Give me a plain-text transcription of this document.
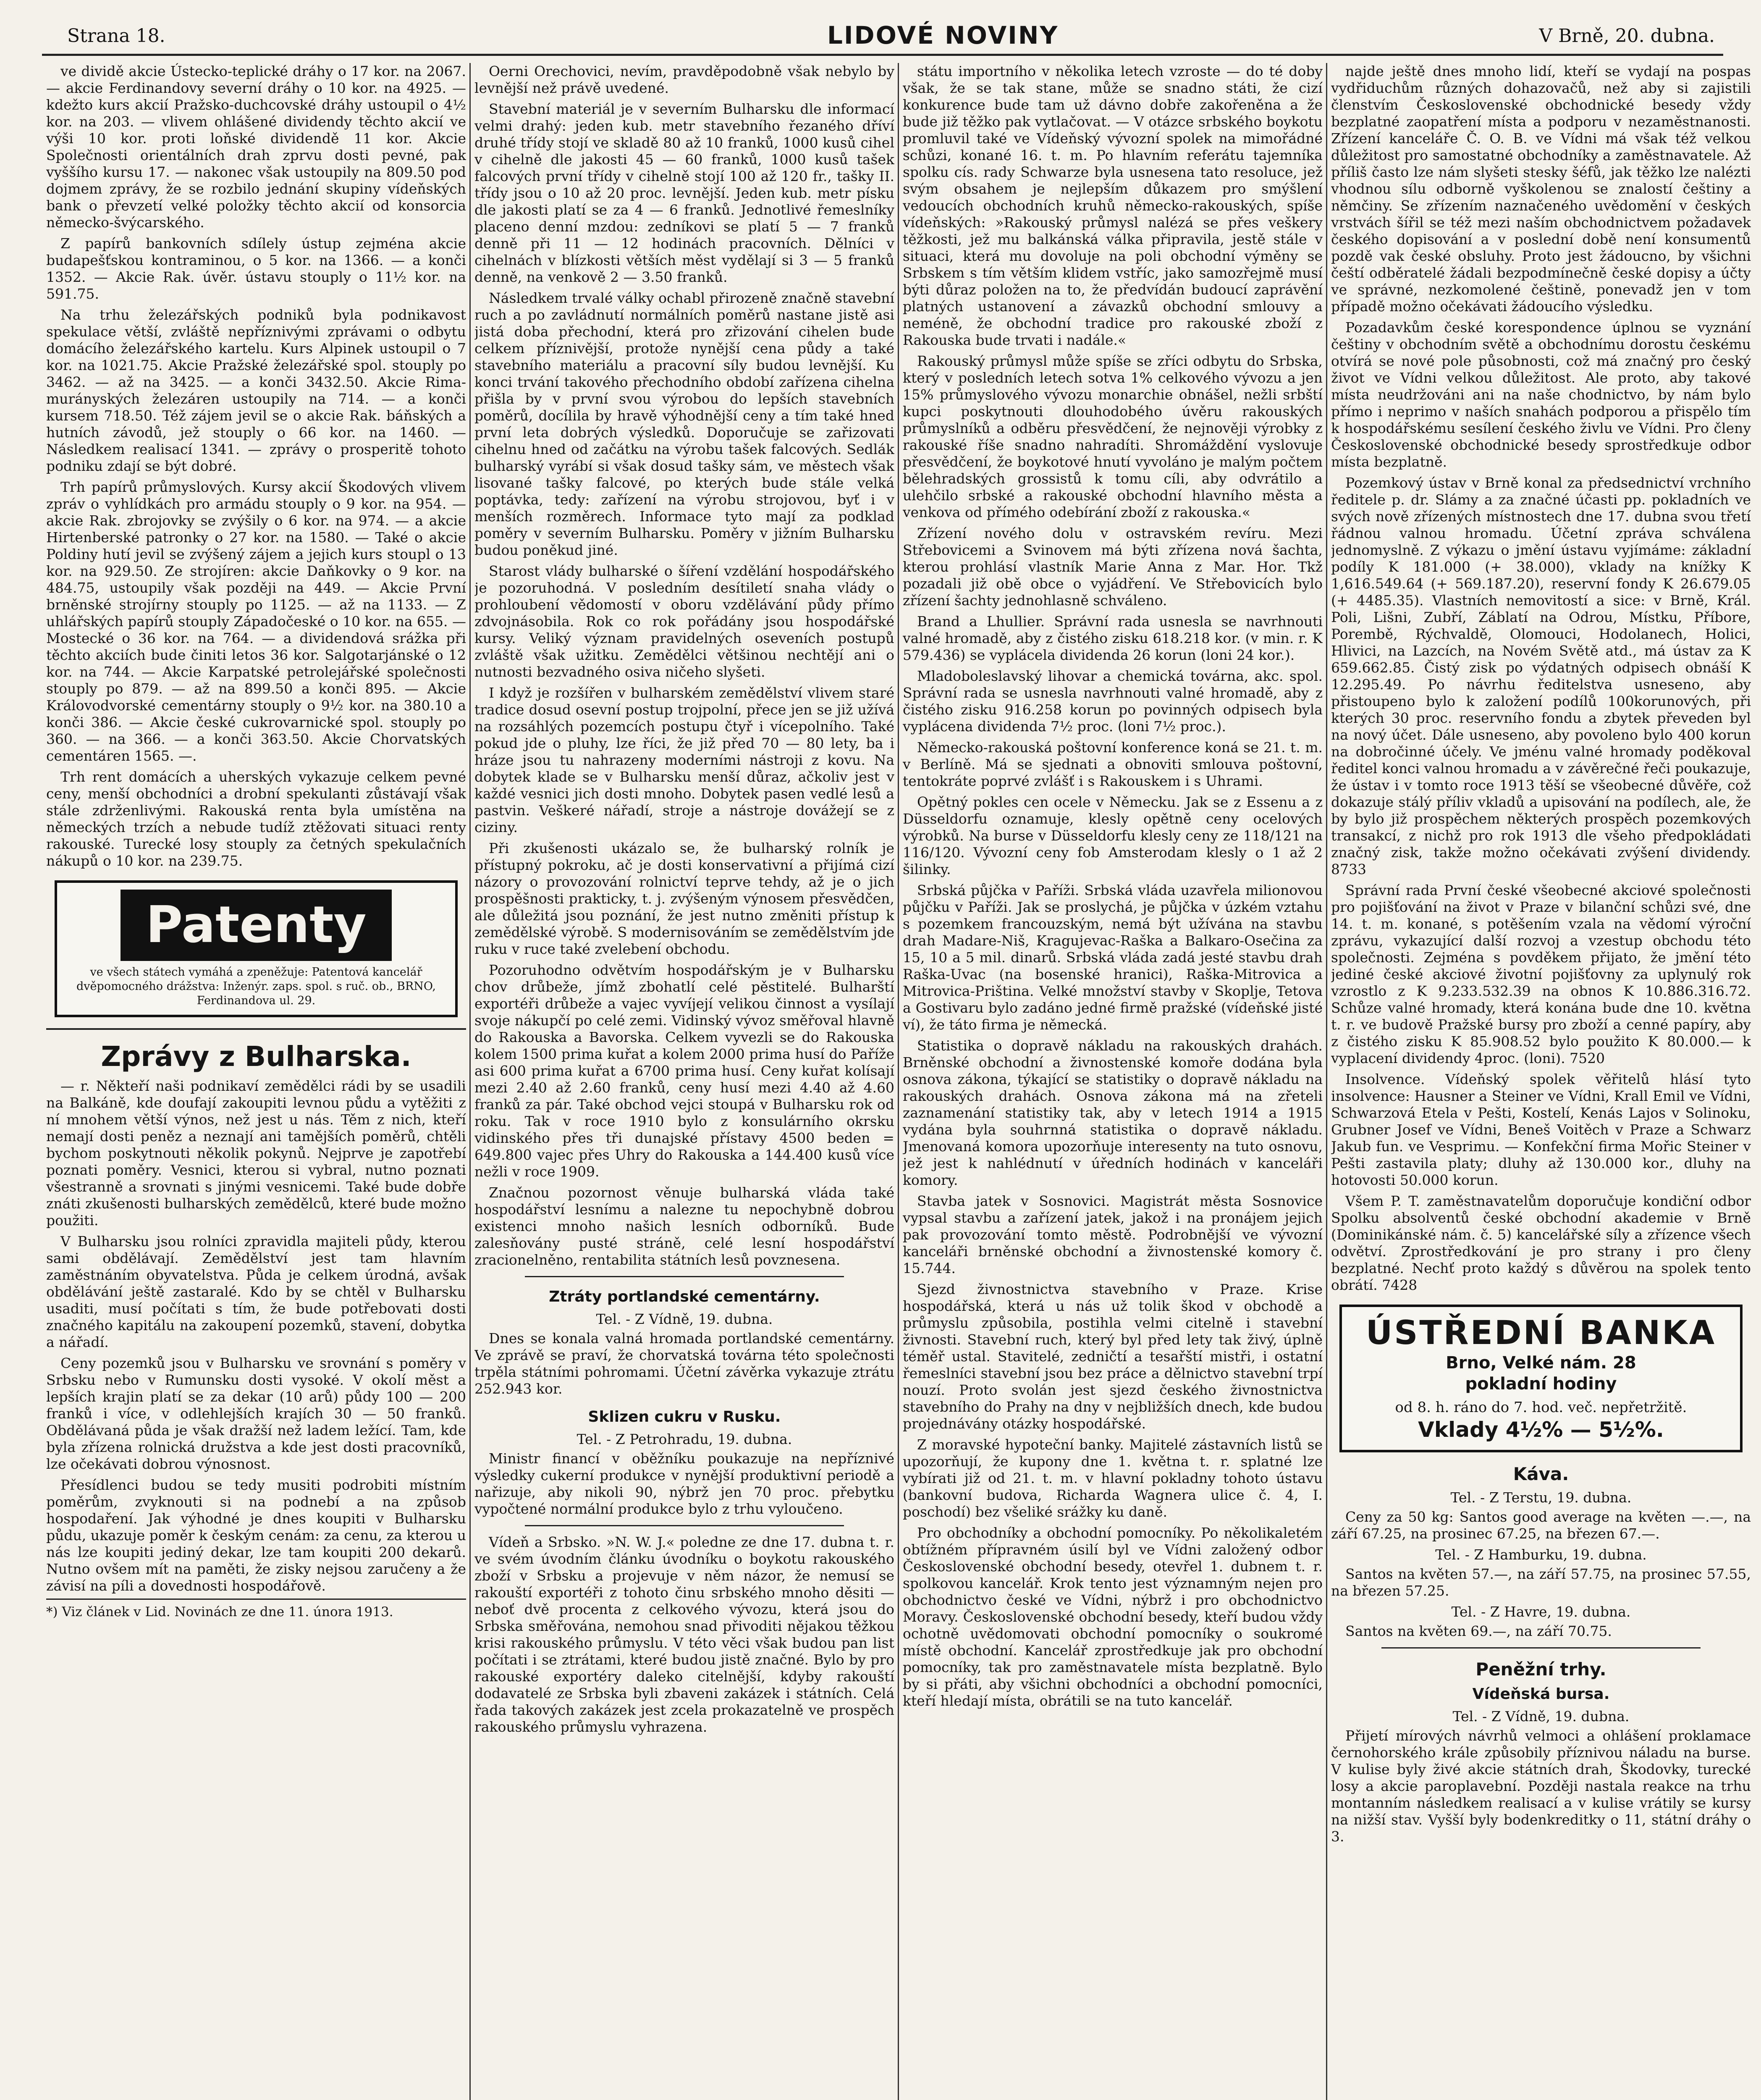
Strana 18.	LIDOVÉ NOVINY	V Brně, 20. dubna.

ve dividě akcie Ústecko-teplické dráhy o 17 kor. na 2067. — akcie Ferdinandovy severní dráhy o 10 kor. na 4925. — kdežto kurs akcií Pražsko-duchcovské dráhy ustoupil o 4½ kor. na 203. — vlivem ohlášené dividendy těchto akcií ve výši 10 kor. proti loňské dividendě 11 kor. Akcie Společnosti orientálních drah zprvu dosti pevné, pak vyššího kursu 17. — nakonec však ustoupily na 809.50 pod dojmem zprávy, že se rozbilo jednání skupiny vídeňských bank o převzetí velké položky těchto akcií od konsorcia německo-švýcarského.

Z papírů bankovních sdílely ústup zejména akcie budapešťskou kontraminou, o 5 kor. na 1366. — a konči 1352. — Akcie Rak. úvěr. ústavu stouply o 11½ kor. na 591.75.

Na trhu železářských podniků byla podnikavost spekulace větší, zvláště nepříznivými zprávami o odbytu domácího železářského kartelu. Kurs Alpinek ustoupil o 7 kor. na 1021.75. Akcie Pražské železářské spol. stouply po 3462. — až na 3425. — a konči 3432.50. Akcie Rima-murányských železáren ustoupily na 714. — a konči kursem 718.50. Též zájem jevil se o akcie Rak. báňských a hutních závodů, jež stouply o 66 kor. na 1460. — Následkem realisací 1341. — zprávy o prosperitě tohoto podniku zdají se být dobré.

Trh papírů průmyslových. Kursy akcií Škodových vlivem zpráv o vyhlídkách pro armádu stouply o 9 kor. na 954. — akcie Rak. zbrojovky se zvýšily o 6 kor. na 974. — a akcie Hirtenberské patronky o 27 kor. na 1580. — Také o akcie Poldiny hutí jevil se zvýšený zájem a jejich kurs stoupl o 13 kor. na 929.50. Ze strojíren: akcie Daňkovky o 9 kor. na 484.75, ustoupily však později na 449. — Akcie První brněnské strojírny stouply po 1125. — až na 1133. — Z uhlářských papírů stouply Západočeské o 10 kor. na 655. — Mostecké o 36 kor. na 764. — a dividendová srážka při těchto akciích bude činiti letos 36 kor. Salgotarjánské o 12 kor. na 744. — Akcie Karpatské petrolejářské společnosti stouply po 879. — až na 899.50 a konči 895. — Akcie Královodvorské cementárny stouply o 9½ kor. na 380.10 a konči 386. — Akcie české cukrovarnické spol. stouply po 360. — na 366. — a konči 363.50. Akcie Chorvatských cementáren 1565. —.

Trh rent domácích a uherských vykazuje celkem pevné ceny, menší obchodníci a drobní spekulanti zůstávají však stále zdrženlivými. Rakouská renta byla umístěna na německých trzích a nebude tudíž ztěžovati situaci renty rakouské. Turecké losy stouply za četných spekulačních nákupů o 10 kor. na 239.75.

Patenty
ve všech státech vymáhá a zpeněžuje: Patentová kancelář dvěpomocného drážstva: Inženýr. zaps. spol. s ruč. ob., BRNO, Ferdinandova ul. 29.
Zprávy z Bulharska.

— r. Někteří naši podnikaví zemědělci rádi by se usadili na Balkáně, kde doufají zakoupiti levnou půdu a vytěžiti z ní mnohem větší výnos, než jest u nás. Těm z nich, kteří nemají dosti peněz a neznají ani tamějších poměrů, chtěli bychom poskytnouti několik pokynů. Nejprve je zapotřebí poznati poměry. Vesnici, kterou si vybral, nutno poznati všestranně a srovnati s jinými vesnicemi. Také bude dobře znáti zkušenosti bulharských zemědělců, které bude možno použiti.

V Bulharsku jsou rolníci zpravidla majiteli půdy, kterou sami obdělávají. Zemědělství jest tam hlavním zaměstnáním obyvatelstva. Půda je celkem úrodná, avšak obdělávání ještě zastaralé. Kdo by se chtěl v Bulharsku usaditi, musí počítati s tím, že bude potřebovati dosti značného kapitálu na zakoupení pozemků, stavení, dobytka a nářadí.

Ceny pozemků jsou v Bulharsku ve srovnání s poměry v Srbsku nebo v Rumunsku dosti vysoké. V okolí měst a lepších krajin platí se za dekar (10 arů) půdy 100 — 200 franků i více, v odlehlejších krajích 30 — 50 franků. Obdělávaná půda je však dražší než ladem ležící. Tam, kde byla zřízena rolnická družstva a kde jest dosti pracovníků, lze očekávati dobrou výnosnost.

Přesídlenci budou se tedy musiti podrobiti místním poměrům, zvyknouti si na podnebí a na způsob hospodaření. Jak výhodné je dnes koupiti v Bulharsku půdu, ukazuje poměr k českým cenám: za cenu, za kterou u nás lze koupiti jediný dekar, lze tam koupiti 200 dekarů. Nutno ovšem mít na paměti, že zisky nejsou zaručeny a že závisí na píli a dovednosti hospodářově.

*) Viz článek v Lid. Novinách ze dne 11. února 1913.

Oerni Orechovici, nevím, pravděpodobně však nebylo by levnější než právě uvedené.

Stavební materiál je v severním Bulharsku dle informací velmi drahý: jeden kub. metr stavebního řezaného dříví druhé třídy stojí ve skladě 80 až 10 franků, 1000 kusů cihel v cihelně dle jakosti 45 — 60 franků, 1000 kusů tašek falcových první třídy v cihelně stojí 100 až 120 fr., tašky II. třídy jsou o 10 až 20 proc. levnější. Jeden kub. metr písku dle jakosti platí se za 4 — 6 franků. Jednotlivé řemeslníky placeno denní mzdou: zedníkovi se platí 5 — 7 franků denně při 11 — 12 hodinách pracovních. Dělníci v cihelnách v blízkosti větších měst vydělají si 3 — 5 franků denně, na venkově 2 — 3.50 franků.

Následkem trvalé války ochabl přirozeně značně stavební ruch a po zavládnutí normálních poměrů nastane jistě asi jistá doba přechodní, která pro zřizování cihelen bude celkem příznivější, protože nynější cena půdy a také stavebního materiálu a pracovní síly budou levnější. Ku konci trvání takového přechodního období zařízena cihelna přišla by v první svou výrobou do lepších stavebních poměrů, docílila by hravě výhodnější ceny a tím také hned první leta dobrých výsledků. Doporučuje se zařizovati cihelnu hned od začátku na výrobu tašek falcových. Sedlák bulharský vyrábí si však dosud tašky sám, ve městech však lisované tašky falcové, po kterých bude stále velká poptávka, tedy: zařízení na výrobu strojovou, byť i v menších rozměrech. Informace tyto mají za podklad poměry v severním Bulharsku. Poměry v jižním Bulharsku budou poněkud jiné.

Starost vlády bulharské o šíření vzdělání hospodářského je pozoruhodná. V posledním desítiletí snaha vlády o prohloubení vědomostí v oboru vzdělávání půdy přímo zdvojnásobila. Rok co rok pořádány jsou hospodářské kursy. Veliký význam pravidelných oseveních postupů zvláště však užitku. Zemědělci většinou nechtějí ani o nutnosti bezvadného osiva ničeho slyšeti.

I když je rozšířen v bulharském zemědělství vlivem staré tradice dosud osevní postup trojpolní, přece jen se již užívá na rozsáhlých pozemcích postupu čtyř i vícepolního. Také pokud jde o pluhy, lze říci, že již před 70 — 80 lety, ba i hráze jsou tu nahrazeny moderními nástroji z kovu. Na dobytek klade se v Bulharsku menší důraz, ačkoliv jest v každé vesnici jich dosti mnoho. Dobytek pasen vedlé lesů a pastvin. Veškeré nářadí, stroje a nástroje dovážejí se z ciziny.

Při zkušenosti ukázalo se, že bulharský rolník je přístupný pokroku, ač je dosti konservativní a přijímá cizí názory o provozování rolnictví teprve tehdy, až je o jich prospěšnosti prakticky, t. j. zvýšeným výnosem přesvědčen, ale důležitá jsou poznání, že jest nutno změniti přístup k zemědělské výrobě. S modernisováním se zemědělstvím jde ruku v ruce také zvelebení obchodu.

Pozoruhodno odvětvím hospodářským je v Bulharsku chov drůbeže, jímž zbohatlí celé pěstitelé. Bulharští exportéři drůbeže a vajec vyvíjejí velikou činnost a vysílají svoje nákupčí po celé zemi. Vidinský vývoz směřoval hlavně do Rakouska a Bavorska. Celkem vyvezli se do Rakouska kolem 1500 prima kuřat a kolem 2000 prima husí do Paříže asi 600 prima kuřat a 6700 prima husí. Ceny kuřat kolísají mezi 2.40 až 2.60 franků, ceny husí mezi 4.40 až 4.60 franků za pár. Také obchod vejci stoupá v Bulharsku rok od roku. Tak v roce 1910 bylo z konsulárního okrsku vidinského přes tři dunajské přístavy 4500 beden = 649.800 vajec přes Uhry do Rakouska a 144.400 kusů více nežli v roce 1909.

Značnou pozornost věnuje bulharská vláda také hospodářství lesnímu a nalezne tu nepochybně dobrou existenci mnoho našich lesních odborníků. Bude zalesňovány pusté stráně, celé lesní hospodářství zracionelněno, rentabilita státních lesů povznesena.

Ztráty portlandské cementárny.
Tel. - Z Vídně, 19. dubna.

Dnes se konala valná hromada portlandské cementárny. Ve zprávě se praví, že chorvatská továrna této společnosti trpěla státními pohromami. Účetní závěrka vykazuje ztrátu 252.943 kor.

Sklizen cukru v Rusku.
Tel. - Z Petrohradu, 19. dubna.

Ministr financí v oběžníku poukazuje na nepříznivé výsledky cukerní produkce v nynější produktivní periodě a nařizuje, aby nikoli 90, nýbrž jen 70 proc. přebytku vypočtené normální produkce bylo z trhu vyloučeno.

Vídeň a Srbsko. »N. W. J.« poledne ze dne 17. dubna t. r. ve svém úvodním článku úvodníku o boykotu rakouského zboží v Srbsku a projevuje v něm názor, že nemusí se rakouští exportéři z tohoto činu srbského mnoho děsiti — neboť dvě procenta z celkového vývozu, která jsou do Srbska směřována, nemohou snad přivoditi nějakou těžkou krisi rakouského průmyslu. V této věci však budou pan list počítati i se ztrátami, které budou jistě značné. Bylo by pro rakouské exportéry daleko citelnější, kdyby rakouští dodavatelé ze Srbska byli zbaveni zakázek i státních. Celá řada takových zakázek jest zcela prokazatelně ve prospěch rakouského průmyslu vyhrazena.

státu importního v několika letech vzroste — do té doby však, že se tak stane, může se snadno státi, že cizí konkurence bude tam už dávno dobře zakořeněna a že bude již těžko pak vytlačovat. — V otázce srbského boykotu promluvil také ve Vídeňský vývozní spolek na mimořádné schůzi, konané 16. t. m. Po hlavním referátu tajemníka spolku cís. rady Schwarze byla usnesena tato resoluce, jež svým obsahem je nejlepším důkazem pro smýšlení vedoucích obchodních kruhů německo-rakouských, spíše vídeňských: »Rakouský průmysl nalézá se přes veškery těžkosti, jež mu balkánská válka připravila, jestě stále v situaci, která mu dovoluje na poli obchodní výměny se Srbskem s tím větším klidem vstříc, jako samozřejmě musí býti důraz položen na to, že předvídán budoucí zaprávění platných ustanovení a závazků obchodní smlouvy a neméně, že obchodní tradice pro rakouské zboží z Rakouska bude trvati i nadále.«

Rakouský průmysl může spíše se zříci odbytu do Srbska, který v posledních letech sotva 1% celkového vývozu a jen 15% průmyslového vývozu monarchie obnášel, nežli srbští kupci poskytnouti dlouhodobého úvěru rakouských průmyslníků a odběru přesvědčení, že nejnověji výrobky z rakouské říše snadno nahradíti. Shromáždění vyslovuje přesvědčení, že boykotové hnutí vyvoláno je malým počtem bělehradských grossistů k tomu cíli, aby odvrátilo a ulehčilo srbské a rakouské obchodní hlavního města a venkova od přímého odebírání zboží z rakouska.«

Zřízení nového dolu v ostravském revíru. Mezi Střebovicemi a Svinovem má býti zřízena nová šachta, kterou prohlásí vlastník Marie Anna z Mar. Hor. Tkž pozadali již obě obce o vyjádření. Ve Střebovicích bylo zřízení šachty jednohlasně schváleno.

Brand a Lhullier. Správní rada usnesla se navrhnouti valné hromadě, aby z čistého zisku 618.218 kor. (v min. r. K 579.436) se vyplácela dividenda 26 korun (loni 24 kor.).

Mladoboleslavský lihovar a chemická továrna, akc. spol. Správní rada se usnesla navrhnouti valné hromadě, aby z čistého zisku 916.258 korun po povinných odpisech byla vyplácena dividenda 7½ proc. (loni 7½ proc.).

Německo-rakouská poštovní konference koná se 21. t. m. v Berlíně. Má se sjednati a obnoviti smlouva poštovní, tentokráte poprvé zvlášť i s Rakouskem i s Uhrami.

Opětný pokles cen ocele v Německu. Jak se z Essenu a z Düsseldorfu oznamuje, klesly opětně ceny ocelových výrobků. Na burse v Düsseldorfu klesly ceny ze 118/121 na 116/120. Vývozní ceny fob Amsterodam klesly o 1 až 2 šilinky.

Srbská půjčka v Paříži. Srbská vláda uzavřela milionovou půjčku v Paříži. Jak se proslychá, je půjčka v úzkém vztahu s pozemkem francouzským, nemá být užívána na stavbu drah Madare-Niš, Kragujevac-Raška a Balkaro-Osečina za 15, 10 a 5 mil. dinarů. Srbská vláda zadá jesté stavbu drah Raška-Uvac (na bosenské hranici), Raška-Mitrovica a Mitrovica-Priština. Velké množství stavby v Skoplje, Tetova a Gostivaru bylo zadáno jedné firmě pražské (vídeňské jisté ví), že táto firma je německá.

Statistika o dopravě nákladu na rakouských drahách. Brněnské obchodní a živnostenské komoře dodána byla osnova zákona, týkající se statistiky o dopravě nákladu na rakouských drahách. Osnova zákona má na zřeteli zaznamenání statistiky tak, aby v letech 1914 a 1915 vydána byla souhrnná statistika o dopravě nákladu. Jmenovaná komora upozorňuje interesenty na tuto osnovu, jež jest k nahlédnutí v úředních hodinách v kanceláři komory.

Stavba jatek v Sosnovici. Magistrát města Sosnovice vypsal stavbu a zařízení jatek, jakož i na pronájem jejich pak provozování tomto městě. Podrobnější ve vývozní kanceláři brněnské obchodní a živnostenské komory č. 15.744.

Sjezd živnostnictva stavebního v Praze. Krise hospodářská, která u nás už tolik škod v obchodě a průmyslu způsobila, postihla velmi citelně i stavební živnosti. Stavební ruch, který byl před lety tak živý, úplně téměř ustal. Stavitelé, zedničtí a tesařští mistři, i ostatní řemeslníci stavební jsou bez práce a dělnictvo stavební trpí nouzí. Proto svolán jest sjezd českého živnostnictva stavebního do Prahy na dny v nejbližších dnech, kde budou projednávány otázky hospodářské.

Z moravské hypoteční banky. Majitelé zástavních listů se upozorňují, že kupony dne 1. května t. r. splatné lze vybírati již od 21. t. m. v hlavní pokladny tohoto ústavu (bankovní budova, Richarda Wagnera ulice č. 4, I. poschodí) bez všeliké srážky ku daně.

Pro obchodníky a obchodní pomocníky. Po několikaletém obtížném přípravném úsilí byl ve Vídni založený odbor Československé obchodní besedy, otevřel 1. dubnem t. r. spolkovou kancelář. Krok tento jest významným nejen pro obchodnictvo české ve Vídni, nýbrž i pro obchodnictvo Moravy. Československé obchodní besedy, kteří budou vždy ochotně uvědomovati obchodní pomocníky o soukromé místě obchodní. Kancelář zprostředkuje jak pro obchodní pomocníky, tak pro zaměstnavatele místa bezplatně. Bylo by si přáti, aby všichni obchodníci a obchodní pomocníci, kteří hledají místa, obrátili se na tuto kancelář.

najde ještě dnes mnoho lidí, kteří se vydají na pospas vydřiduchům různých dohazovačů, než aby si zajistili členstvím Československé obchodnické besedy vždy bezplatné zaopatření místa a podporu v nezaměstnanosti. Zřízení kanceláře Č. O. B. ve Vídni má však též velkou důležitost pro samostatné obchodníky a zaměstnavatele. Až příliš často lze nám slyšeti stesky šéfů, jak těžko lze nalézti vhodnou sílu odborně vyškolenou se znalostí češtiny a němčiny. Se zřízením naznačeného uvědomění v českých vrstvách šířil se též mezi naším obchodnictvem požadavek českého dopisování a v poslední době není konsumentů pozdě vak české obsluhy. Proto jest žádoucno, by všichni čeští odběratelé žádali bezpodmínečně české dopisy a účty ve správné, nezkomolené češtině, ponevadž jen v tom případě možno očekávati žádoucího výsledku.

Pozadavkům české korespondence úplnou se vyznání češtiny v obchodním světě a obchodnímu dorostu českému otvírá se nové pole působnosti, což má značný pro český život ve Vídni velkou důležitost. Ale proto, aby takové místa neudržováni ani na naše chodnictvo, by nám bylo přímo i neprimo v naších snahách podporou a přispělo tím k hospodářskému sesílení českého živlu ve Vídni. Pro členy Československé obchodnické besedy sprostředkuje odbor místa bezplatně.

Pozemkový ústav v Brně konal za předsednictví vrchního ředitele p. dr. Slámy a za značné účasti pp. pokladních ve svých nově zřízených místnostech dne 17. dubna svou třetí řádnou valnou hromadu. Účetní zpráva schválena jednomyslně. Z výkazu o jmění ústavu vyjímáme: základní podíly K 181.000 (+ 38.000), vklady na knížky K 1,616.549.64 (+ 569.187.20), reservní fondy K 26.679.05 (+ 4485.35). Vlastních nemovitostí a sice: v Brně, Král. Poli, Lišni, Zubří, Záblatí na Odrou, Místku, Příbore, Porembě, Rýchvaldě, Olomouci, Hodolanech, Holici, Hlivici, na Lazcích, na Novém Světě atd., má ústav za K 659.662.85. Čistý zisk po výdatných odpisech obnáší K 12.295.49. Po návrhu ředitelstva usneseno, aby přistoupeno bylo k založení podílů 100korunových, při kterých 30 proc. reservního fondu a zbytek převeden byl na nový účet. Dále usneseno, aby povoleno bylo 400 korun na dobročinné účely. Ve jménu valné hromady poděkoval ředitel konci valnou hromadu a v závěrečné řeči poukazuje, že ústav i v tomto roce 1913 těší se všeobecné důvěře, což dokazuje stálý příliv vkladů a upisování na podílech, ale, že by bylo již prospěchem některých prospěch pozemkových transakcí, z nichž pro rok 1913 dle všeho předpokládati značný zisk, takže možno očekávati zvýšení dividendy. 8733

Správní rada První české všeobecné akciové společnosti pro pojišťování na život v Praze v bilanční schůzi své, dne 14. t. m. konané, s potěšením vzala na vědomí výroční zprávu, vykazující další rozvoj a vzestup obchodu této společnosti. Zejména s povděkem přijato, že jmění této jediné české akciové životní pojišťovny za uplynulý rok vzrostlo z K 9.233.532.39 na obnos K 10.886.316.72. Schůze valné hromady, která konána bude dne 10. května t. r. ve budově Pražské bursy pro zboží a cenné papíry, aby z čistého zisku K 85.908.52 bylo použito K 80.000.— k vyplacení dividendy 4proc. (loni). 7520

Insolvence. Vídeňský spolek věřitelů hlásí tyto insolvence: Hausner a Steiner ve Vídni, Krall Emil ve Vídni, Schwarzová Etela v Pešti, Kostelí, Kenás Lajos v Solinoku, Grubner Josef ve Vídni, Beneš Voitěch v Praze a Schwarz Jakub fun. ve Vesprimu. — Konfekční firma Mořic Steiner v Pešti zastavila platy; dluhy až 130.000 kor., dluhy na hotovosti 50.000 korun.

Všem P. T. zaměstnavatelům doporučuje kondiční odbor Spolku absolventů české obchodní akademie v Brně (Dominikánské nám. č. 5) kancelářské síly a zřízence všech odvětví. Zprostředkování je pro strany i pro členy bezplatné. Nechť proto každý s důvěrou na spolek tento obrátí. 7428

ÚSTŘEDNÍ BANKA
Brno, Velké nám. 28
pokladní hodiny
od 8. h. ráno do 7. hod. več. nepřetržitě.
Vklady 4½% — 5½%.
Káva.
Tel. - Z Terstu, 19. dubna.

Ceny za 50 kg: Santos good average na květen —.—, na září 67.25, na prosinec 67.25, na březen 67.—.

Tel. - Z Hamburku, 19. dubna.

Santos na květen 57.—, na září 57.75, na prosinec 57.55, na březen 57.25.

Tel. - Z Havre, 19. dubna.

Santos na květen 69.—, na září 70.75.

Peněžní trhy.
Vídeňská bursa.
Tel. - Z Vídně, 19. dubna.

Přijetí mírových návrhů velmoci a ohlášení proklamace černohorského krále způsobily příznivou náladu na burse. V kulise byly živé akcie státních drah, Škodovky, turecké losy a akcie paroplavební. Později nastala reakce na trhu montanním následkem realisací a v kulise vrátily se kursy na nižší stav. Vyšší byly bodenkreditky o 11, státní dráhy o 3.
